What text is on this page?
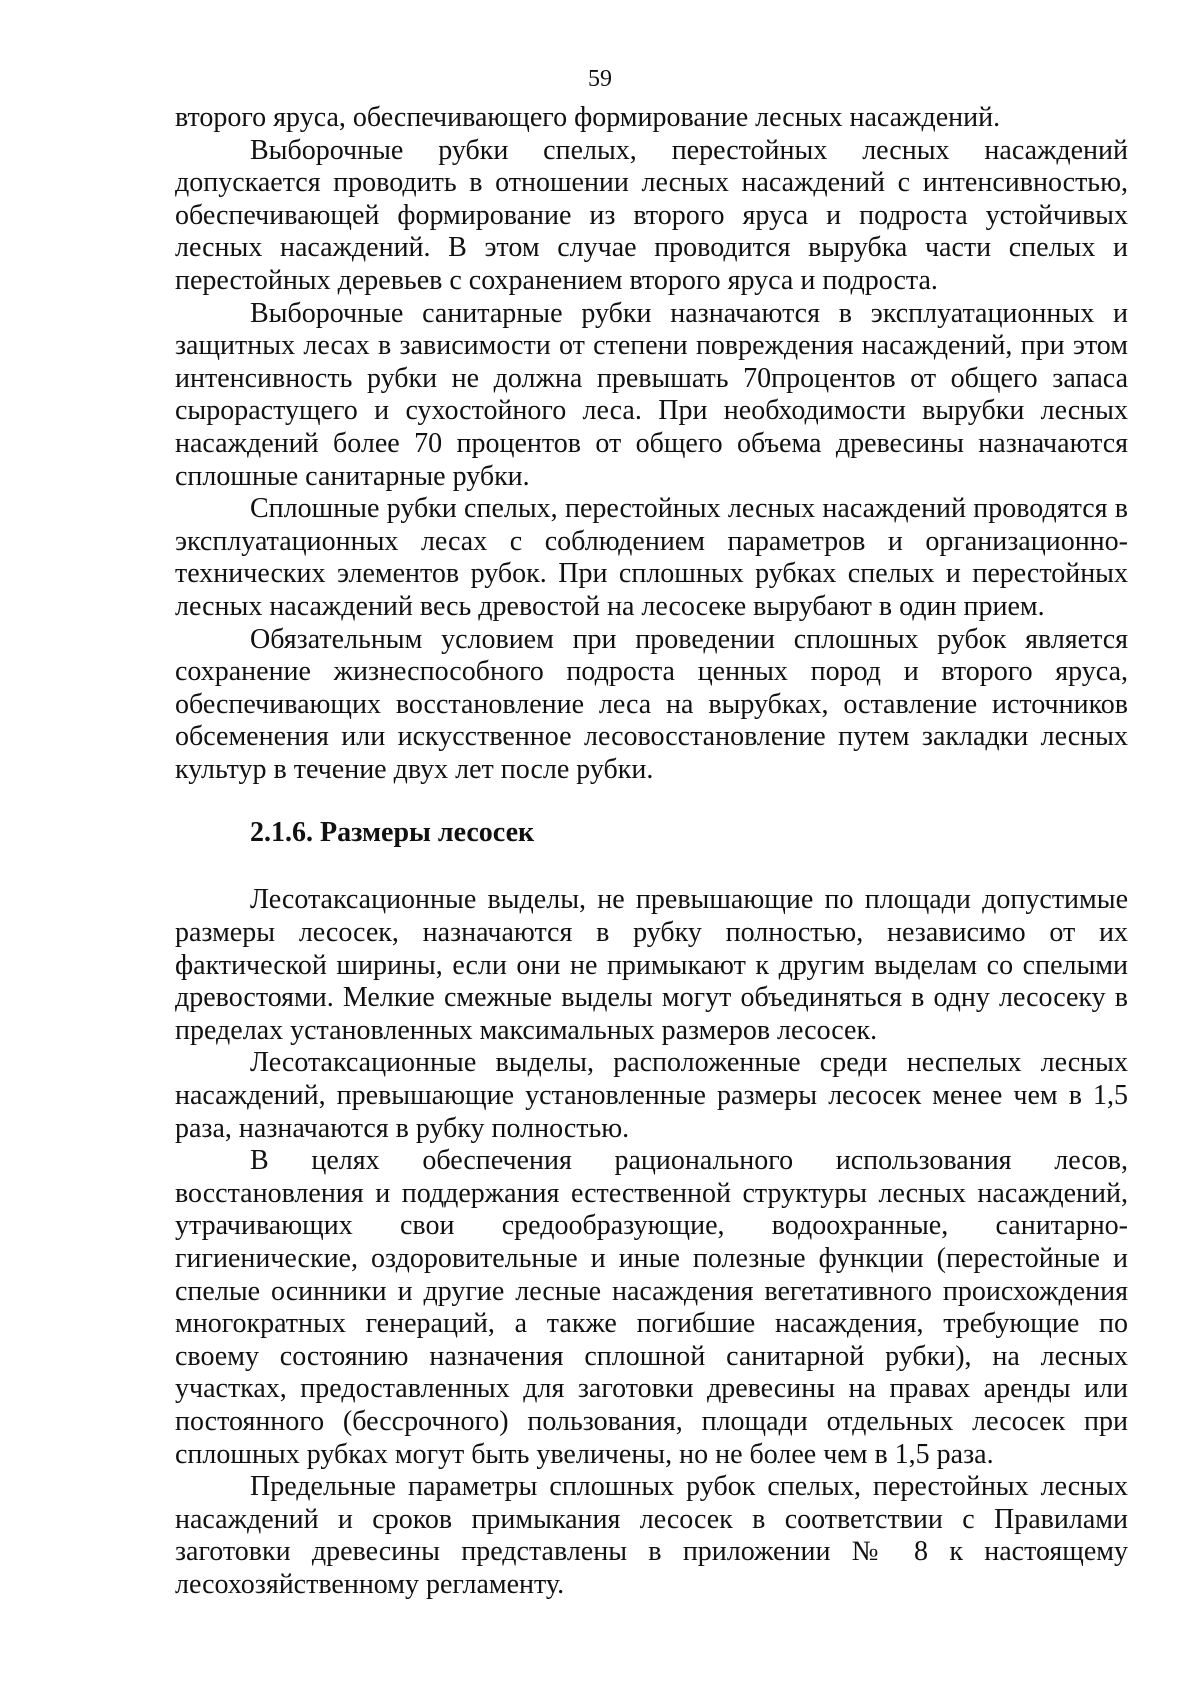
59

второго яруса, обеспечивающего формирование лесных насаждений.

Выборочные рубки спелых, перестойных лесных насаждений допускается проводить в отношении лесных насаждений с интенсивностью, обеспечивающей формирование из второго яруса и подроста устойчивых лесных насаждений. В этом случае проводится вырубка части спелых и перестойных деревьев с сохранением второго яруса и подроста.

Выборочные санитарные рубки назначаются в эксплуатационных и защитных лесах в зависимости от степени повреждения насаждений, при этом интенсивность рубки не должна превышать 70процентов от общего запаса сырорастущего и сухостойного леса. При необходимости вырубки лесных насаждений более 70 процентов от общего объема древесины назначаются сплошные санитарные рубки.

Сплошные рубки спелых, перестойных лесных насаждений проводятся в эксплуатационных лесах с соблюдением параметров и организационно-технических элементов рубок. При сплошных рубках спелых и перестойных лесных насаждений весь древостой на лесосеке вырубают в один прием.

Обязательным условием при проведении сплошных рубок является сохранение жизнеспособного подроста ценных пород и второго яруса, обеспечивающих восстановление леса на вырубках, оставление источников обсеменения или искусственное лесовосстановление путем закладки лесных культур в течение двух лет после рубки.

2.1.6. Размеры лесосек

Лесотаксационные выделы, не превышающие по площади допустимые размеры лесосек, назначаются в рубку полностью, независимо от их фактической ширины, если они не примыкают к другим выделам со спелыми древостоями. Мелкие смежные выделы могут объединяться в одну лесосеку в пределах установленных максимальных размеров лесосек.

Лесотаксационные выделы, расположенные среди неспелых лесных насаждений, превышающие установленные размеры лесосек менее чем в 1,5 раза, назначаются в рубку полностью.

В целях обеспечения рационального использования лесов, восстановления и поддержания естественной структуры лесных насаждений, утрачивающих свои средообразующие, водоохранные, санитарно-гигиенические, оздоровительные и иные полезные функции (перестойные и спелые осинники и другие лесные насаждения вегетативного происхождения многократных генераций, а также погибшие насаждения, требующие по своему состоянию назначения сплошной санитарной рубки), на лесных участках, предоставленных для заготовки древесины на правах аренды или постоянного (бессрочного) пользования, площади отдельных лесосек при сплошных рубках могут быть увеличены, но не более чем в 1,5 раза.

Предельные параметры сплошных рубок спелых, перестойных лесных насаждений и сроков примыкания лесосек в соответствии с Правилами заготовки древесины представлены в приложении № 8 к настоящему лесохозяйственному регламенту.
